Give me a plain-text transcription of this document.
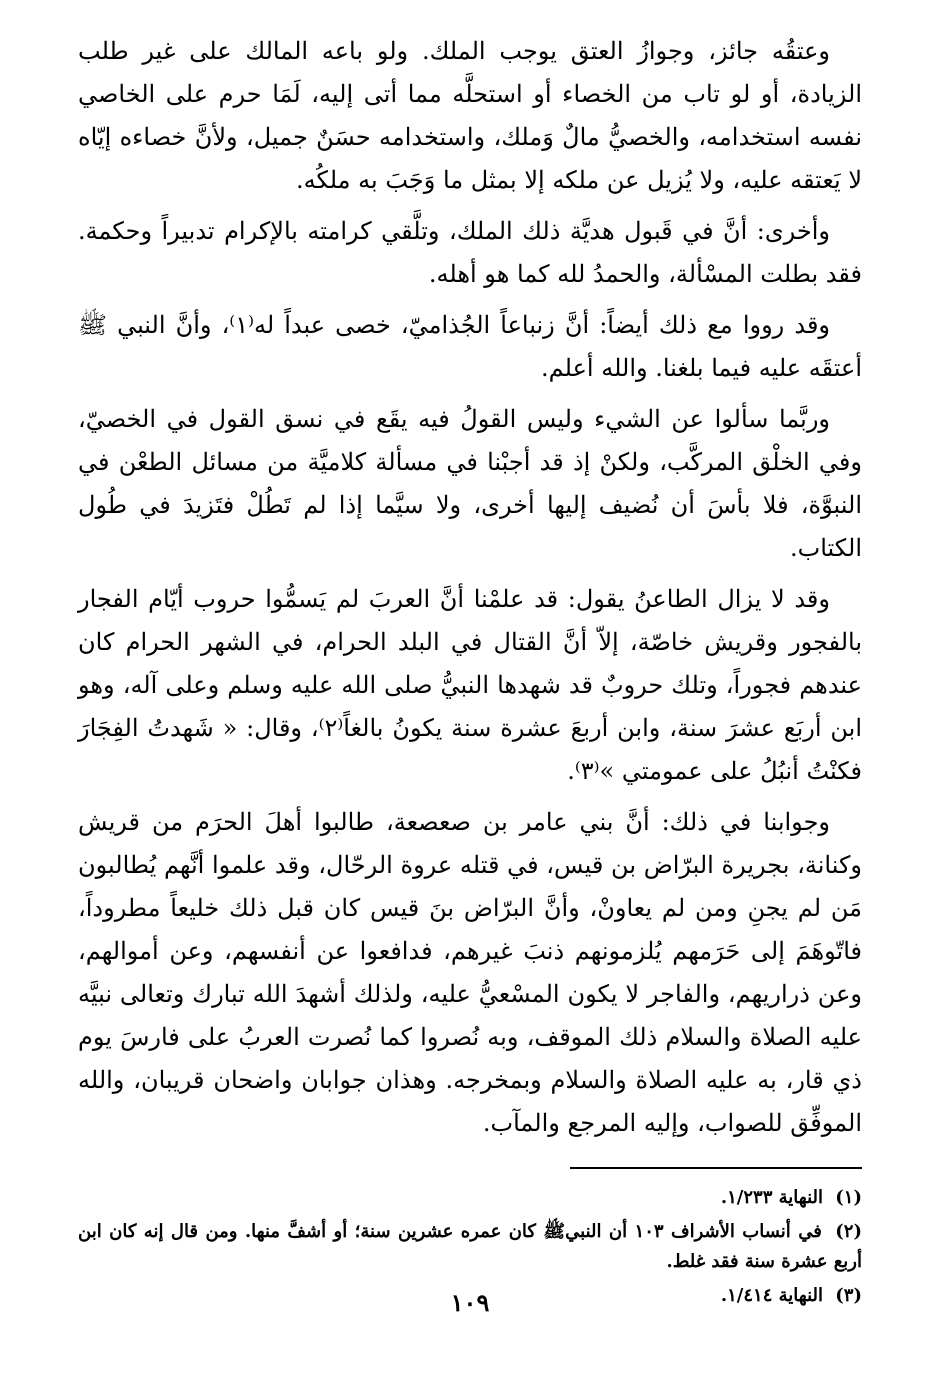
وعتقُه جائز، وجوازُ العتق يوجب الملك. ولو باعه المالك على غير طلب الزيادة، أو لو تاب من الخصاء أو استحلَّه مما أتى إليه، لَمَا حرم على الخاصي نفسه استخدامه، والخصيُّ مالٌ وَملك، واستخدامه حسَنٌ جميل، ولأنَّ خصاءه إيّاه لا يَعتقه عليه، ولا يُزيل عن ملكه إلا بمثل ما وَجَبَ به ملكُه.

وأخرى: أنَّ في قَبول هديَّة ذلك الملك، وتلَّقي كرامته بالإكرام تدبيراً وحكمة. فقد بطلت المسْألة، والحمدُ لله كما هو أهله.

وقد رووا مع ذلك أيضاً: أنَّ زنباعاً الجُذاميّ، خصى عبداً له⁽١⁾، وأنَّ النبي ﷺ أعتقَه عليه فيما بلغنا. والله أعلم.

وربَّما سألوا عن الشيء وليس القولُ فيه يقَع في نسق القول في الخصيّ، وفي الخلْق المركَّب، ولكنْ إذ قد أجبْنا في مسألة كلاميَّة من مسائل الطعْن في النبوَّة، فلا بأسَ أن نُضيف إليها أخرى، ولا سيَّما إذا لم تَطُلْ فتَزيدَ في طُول الكتاب.

وقد لا يزال الطاعنُ يقول: قد علمْنا أنَّ العربَ لم يَسمُّوا حروب أيّام الفجار بالفجور وقريش خاصّة، إلاّ أنَّ القتال في البلد الحرام، في الشهر الحرام كان عندهم فجوراً، وتلك حروبٌ قد شهدها النبيُّ صلى الله عليه وسلم وعلى آله، وهو ابن أربَع عشرَ سنة، وابن أربعَ عشرة سنة يكونُ بالغاً⁽٢⁾، وقال: « شَهدتُ الفِجَارَ فكنْتُ أنبُلُ على عمومتي »⁽٣⁾.

وجوابنا في ذلك: أنَّ بني عامر بن صعصعة، طالبوا أهلَ الحرَم من قريش وكنانة، بجريرة البرّاض بن قيس، في قتله عروة الرحّال، وقد علموا أنَّهم يُطالبون مَن لم يجنِ ومن لم يعاونْ، وأنَّ البرّاض بنَ قيس كان قبل ذلك خليعاً مطروداً، فاتّوهَمَ إلى حَرَمهم يُلزمونهم ذنبَ غيرهم، فدافعوا عن أنفسهم، وعن أموالهم، وعن ذراريهم، والفاجر لا يكون المسْعيُّ عليه، ولذلك أشهدَ الله تبارك وتعالى نبيَّه عليه الصلاة والسلام ذلك الموقف، وبه نُصروا كما نُصرت العربُ على فارسَ يوم ذي قار، به عليه الصلاة والسلام وبمخرجه. وهذان جوابان واضحان قريبان، والله الموفِّق للصواب، وإليه المرجع والمآب.

(١) النهاية ١/٢٣٣.

(٢) في أنساب الأشراف ١٠٣ أن النبيﷺ كان عمره عشرين سنة؛ أو أشفَّ منها. ومن قال إنه كان ابن أربع عشرة سنة فقد غلط.

(٣) النهاية ١/٤١٤.

١٠٩
